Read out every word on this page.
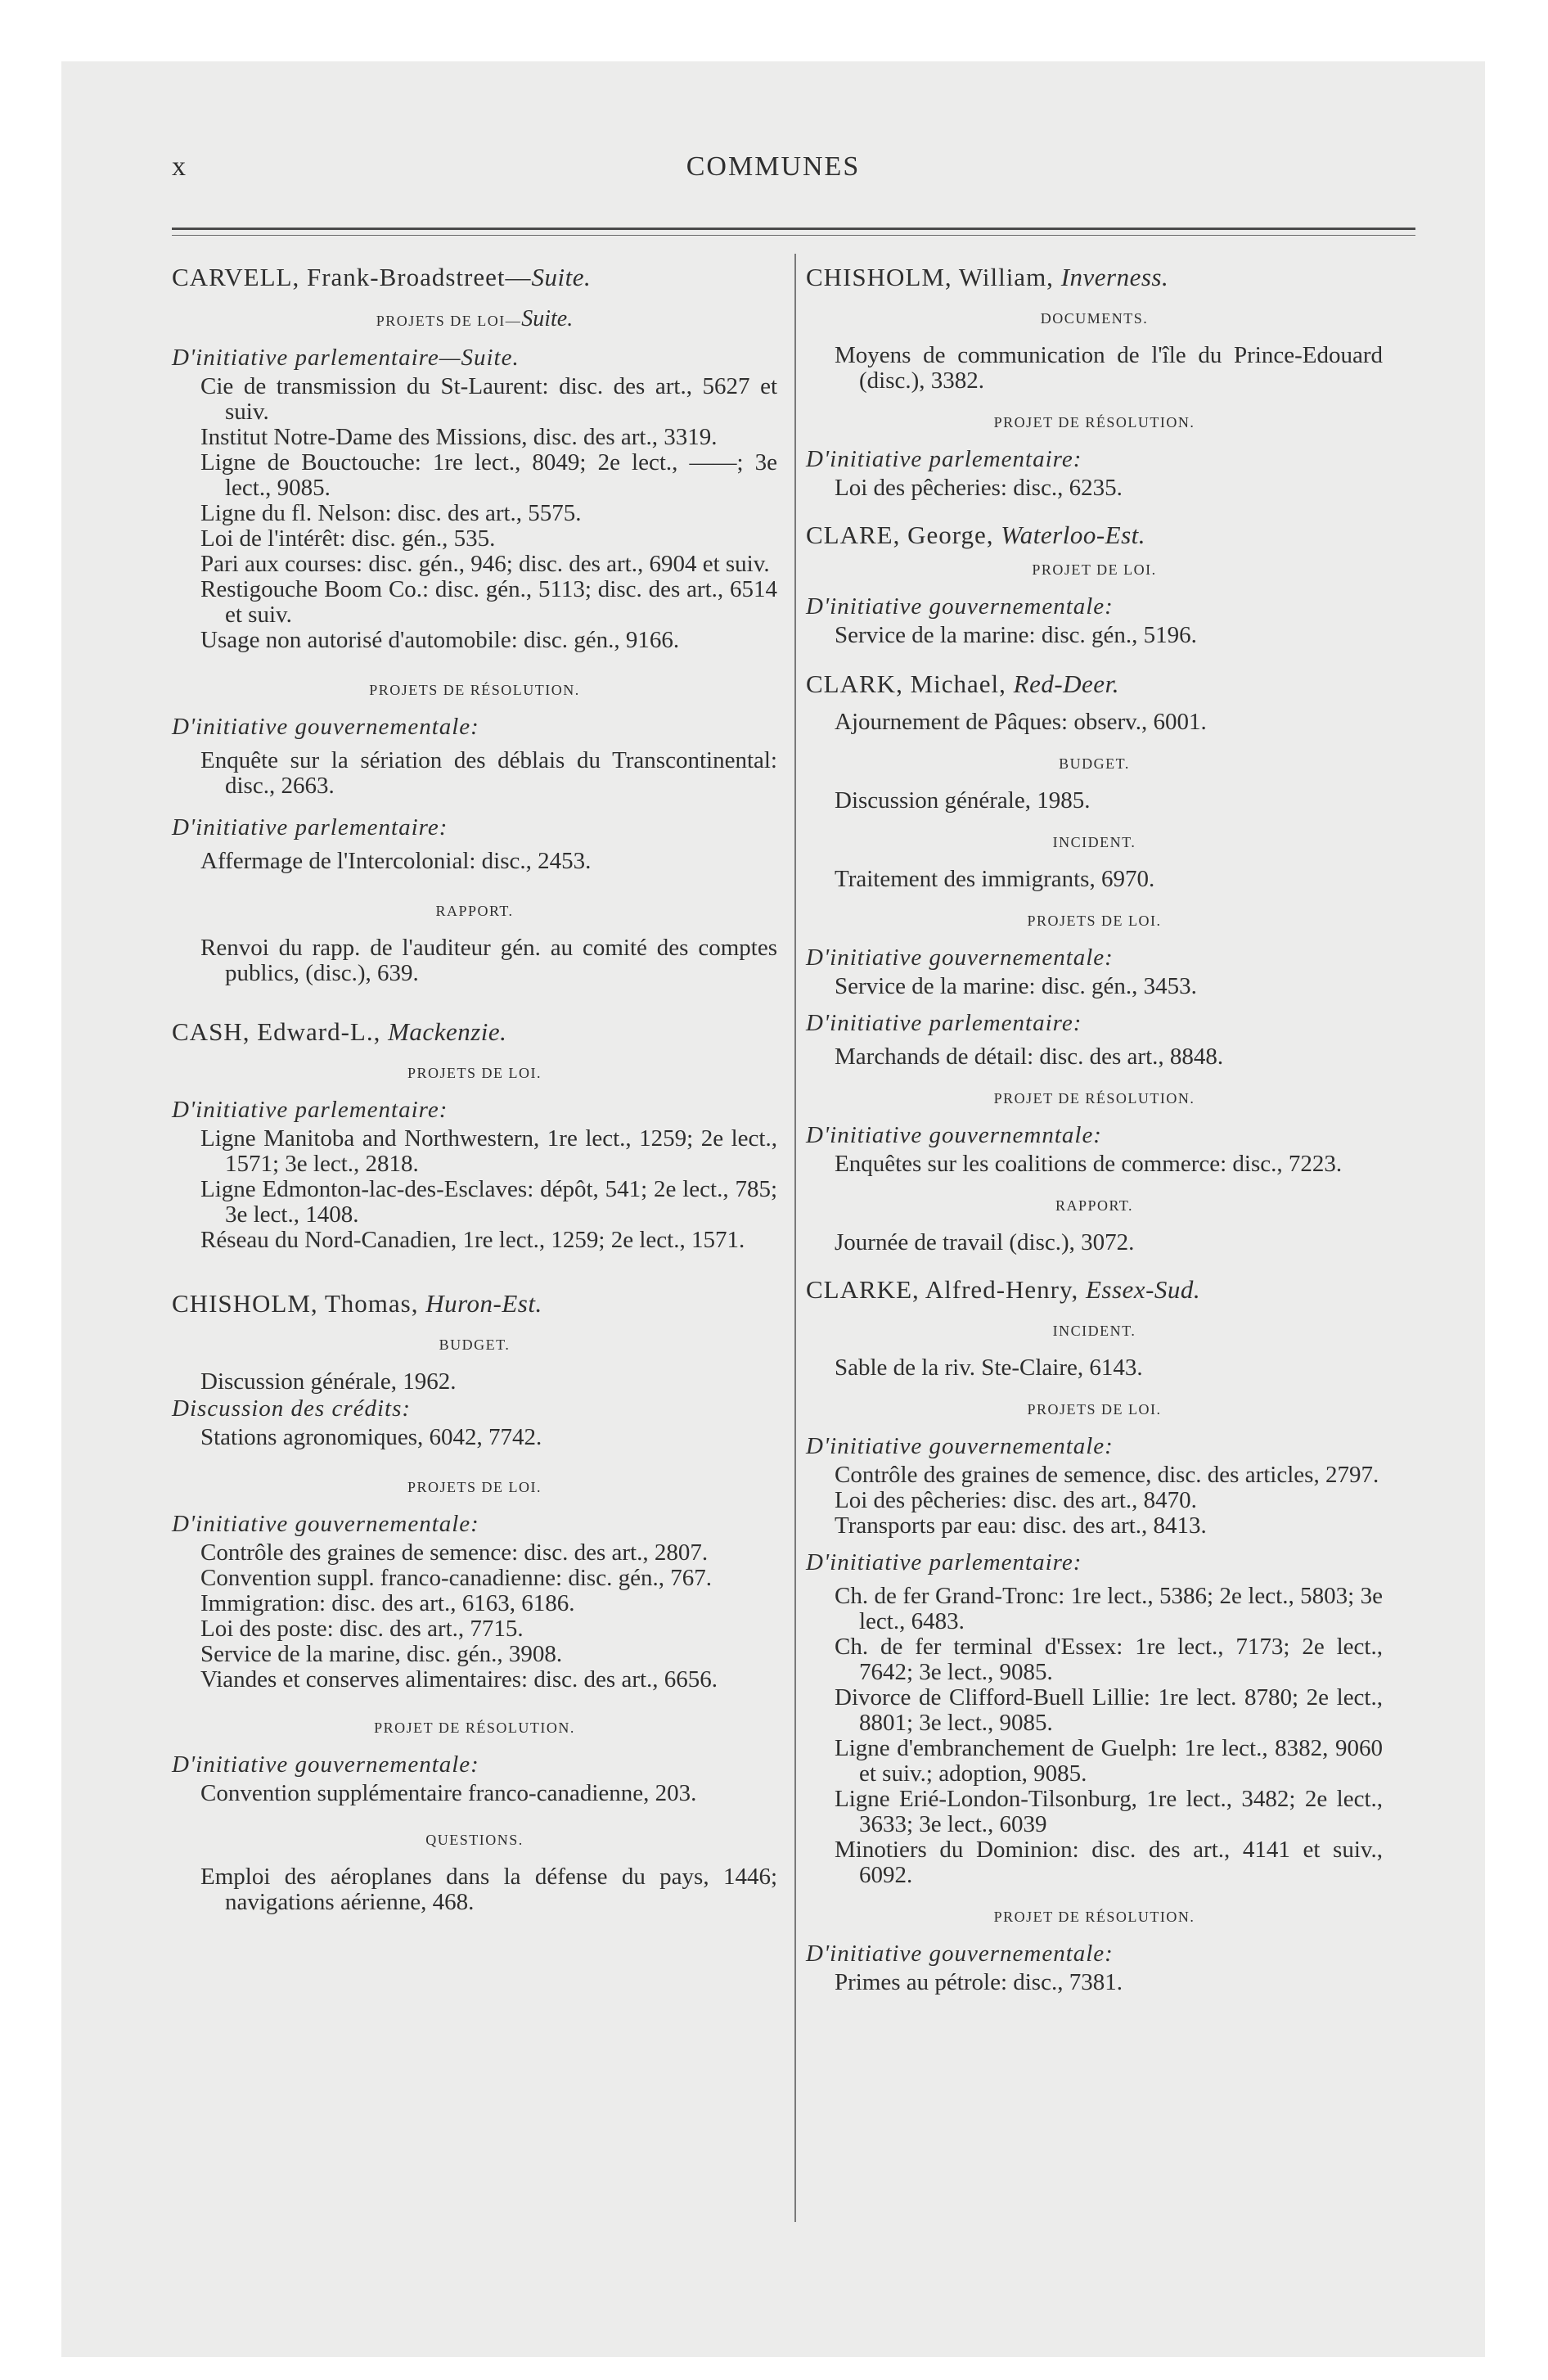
x	COMMUNES
CARVELL, Frank-Broadstreet—Suite.
PROJETS DE LOI—Suite.
D'initiative parlementaire—Suite.
Cie de transmission du St-Laurent: disc. des art., 5627 et suiv.
Institut Notre-Dame des Missions, disc. des art., 3319.
Ligne de Bouctouche: 1re lect., 8049; 2e lect., ——; 3e lect., 9085.
Ligne du fl. Nelson: disc. des art., 5575.
Loi de l'intérêt: disc. gén., 535.
Pari aux courses: disc. gén., 946; disc. des art., 6904 et suiv.
Restigouche Boom Co.: disc. gén., 5113; disc. des art., 6514 et suiv.
Usage non autorisé d'automobile: disc. gén., 9166.
PROJETS DE RÉSOLUTION.
D'initiative gouvernementale:
Enquête sur la sériation des déblais du Transcontinental: disc., 2663.
D'initiative parlementaire:
Affermage de l'Intercolonial: disc., 2453.
RAPPORT.
Renvoi du rapp. de l'auditeur gén. au comité des comptes publics, (disc.), 639.
CASH, Edward-L., Mackenzie.
PROJETS DE LOI.
D'initiative parlementaire:
Ligne Manitoba and Northwestern, 1re lect., 1259; 2e lect., 1571; 3e lect., 2818.
Ligne Edmonton-lac-des-Esclaves: dépôt, 541; 2e lect., 785; 3e lect., 1408.
Réseau du Nord-Canadien, 1re lect., 1259; 2e lect., 1571.
CHISHOLM, Thomas, Huron-Est.
BUDGET.
Discussion générale, 1962.
Discussion des crédits:
Stations agronomiques, 6042, 7742.
PROJETS DE LOI.
D'initiative gouvernementale:
Contrôle des graines de semence: disc. des art., 2807.
Convention suppl. franco-canadienne: disc. gén., 767.
Immigration: disc. des art., 6163, 6186.
Loi des poste: disc. des art., 7715.
Service de la marine, disc. gén., 3908.
Viandes et conserves alimentaires: disc. des art., 6656.
PROJET DE RÉSOLUTION.
D'initiative gouvernementale:
Convention supplémentaire franco-canadienne, 203.
QUESTIONS.
Emploi des aéroplanes dans la défense du pays, 1446; navigations aérienne, 468.
CHISHOLM, William, Inverness.
DOCUMENTS.
Moyens de communication de l'île du Prince-Edouard (disc.), 3382.
PROJET DE RÉSOLUTION.
D'initiative parlementaire:
Loi des pêcheries: disc., 6235.
CLARE, George, Waterloo-Est.
PROJET DE LOI.
D'initiative gouvernementale:
Service de la marine: disc. gén., 5196.
CLARK, Michael, Red-Deer.
Ajournement de Pâques: observ., 6001.
BUDGET.
Discussion générale, 1985.
INCIDENT.
Traitement des immigrants, 6970.
PROJETS DE LOI.
D'initiative gouvernementale:
Service de la marine: disc. gén., 3453.
D'initiative parlementaire:
Marchands de détail: disc. des art., 8848.
PROJET DE RÉSOLUTION.
D'initiative gouvernemntale:
Enquêtes sur les coalitions de commerce: disc., 7223.
RAPPORT.
Journée de travail (disc.), 3072.
CLARKE, Alfred-Henry, Essex-Sud.
INCIDENT.
Sable de la riv. Ste-Claire, 6143.
PROJETS DE LOI.
D'initiative gouvernementale:
Contrôle des graines de semence, disc. des articles, 2797.
Loi des pêcheries: disc. des art., 8470.
Transports par eau: disc. des art., 8413.
D'initiative parlementaire:
Ch. de fer Grand-Tronc: 1re lect., 5386; 2e lect., 5803; 3e lect., 6483.
Ch. de fer terminal d'Essex: 1re lect., 7173; 2e lect., 7642; 3e lect., 9085.
Divorce de Clifford-Buell Lillie: 1re lect. 8780; 2e lect., 8801; 3e lect., 9085.
Ligne d'embranchement de Guelph: 1re lect., 8382, 9060 et suiv.; adoption, 9085.
Ligne Erié-London-Tilsonburg, 1re lect., 3482; 2e lect., 3633; 3e lect., 6039
Minotiers du Dominion: disc. des art., 4141 et suiv., 6092.
PROJET DE RÉSOLUTION.
D'initiative gouvernementale:
Primes au pétrole: disc., 7381.
